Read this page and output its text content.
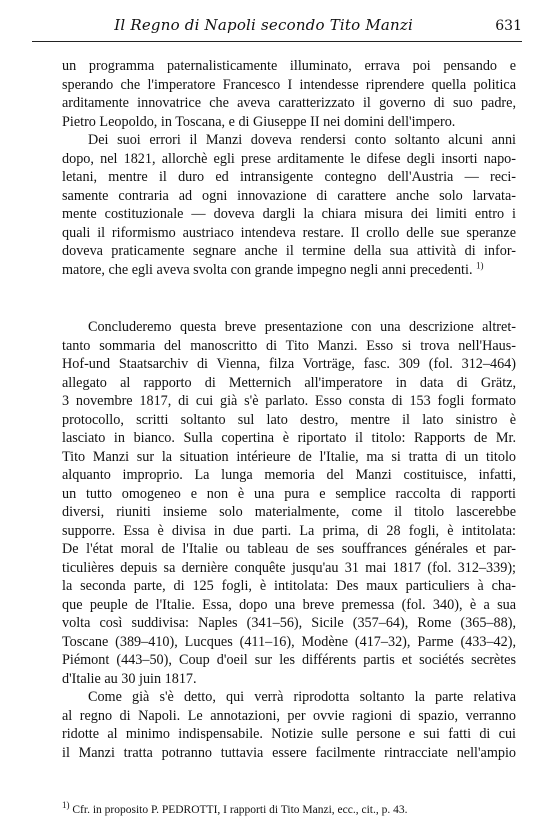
Il Regno di Napoli secondo Tito Manzi	631
un programma paternalisticamente illuminato, errava poi pensando e
sperando che l'imperatore Francesco I intendesse riprendere quella politica
arditamente innovatrice che aveva caratterizzato il governo di suo padre,
Pietro Leopoldo, in Toscana, e di Giuseppe II nei domini dell'impero.
Dei suoi errori il Manzi doveva rendersi conto soltanto alcuni anni
dopo, nel 1821, allorchè egli prese arditamente le difese degli insorti napo-
letani, mentre il duro ed intransigente contegno dell'Austria — reci-
samente contraria ad ogni innovazione di carattere anche solo larvata-
mente costituzionale — doveva dargli la chiara misura dei limiti entro i
quali il riformismo austriaco intendeva restare. Il crollo delle sue speranze
doveva praticamente segnare anche il termine della sua attività di infor-
matore, che egli aveva svolta con grande impegno negli anni precedenti. $^{1)}$
Concluderemo questa breve presentazione con una descrizione altret-
tanto sommaria del manoscritto di Tito Manzi. Esso si trova nell'Haus-
Hof-und Staatsarchiv di Vienna, filza Vorträge, fasc. 309 (fol. 312–464)
allegato al rapporto di Metternich all'imperatore in data di Grätz,
3 novembre 1817, di cui già s'è parlato. Esso consta di 153 fogli formato
protocollo, scritti soltanto sul lato destro, mentre il lato sinistro è
lasciato in bianco. Sulla copertina è riportato il titolo: Rapports de Mr.
Tito Manzi sur la situation intérieure de l'Italie, ma si tratta di un titolo
alquanto improprio. La lunga memoria del Manzi costituisce, infatti,
un tutto omogeneo e non è una pura e semplice raccolta di rapporti
diversi, riuniti insieme solo materialmente, come il titolo lascerebbe
supporre. Essa è divisa in due parti. La prima, di 28 fogli, è intitolata:
De l'état moral de l'Italie ou tableau de ses souffrances générales et par-
ticulières depuis sa dernière conquête jusqu'au 31 mai 1817 (fol. 312–339);
la seconda parte, di 125 fogli, è intitolata: Des maux particuliers à cha-
que peuple de l'Italie. Essa, dopo una breve premessa (fol. 340), è a sua
volta così suddivisa: Naples (341–56), Sicile (357–64), Rome (365–88),
Toscane (389–410), Lucques (411–16), Modène (417–32), Parme (433–42),
Piémont (443–50), Coup d'oeil sur les différents partis et sociétés secrètes
d'Italie au 30 juin 1817.
Come già s'è detto, qui verrà riprodotta soltanto la parte relativa
al regno di Napoli. Le annotazioni, per ovvie ragioni di spazio, verranno
ridotte al minimo indispensabile. Notizie sulle persone e sui fatti di cui
il Manzi tratta potranno tuttavia essere facilmente rintracciate nell'ampio
$^{1)}$ Cfr. in proposito P. PEDROTTI, I rapporti di Tito Manzi, ecc., cit., p. 43.
